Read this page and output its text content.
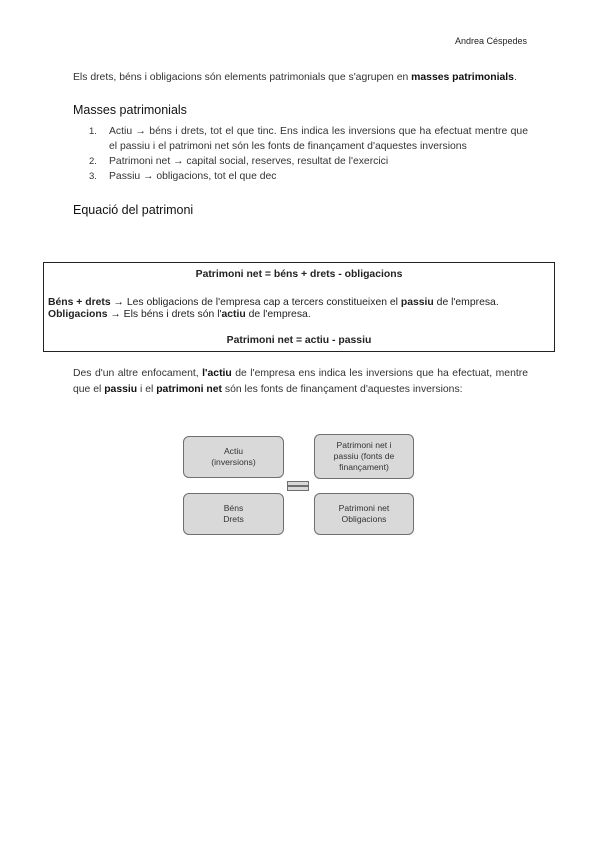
Andrea Céspedes

Els drets, béns i obligacions són elements patrimonials que s'agrupen en masses patrimonials.

Masses patrimonials
1.	Actiu → béns i drets, tot el que tinc. Ens indica les inversions que ha efectuat mentre que el passiu i el patrimoni net són les fonts de finançament d'aquestes inversions
2.	Patrimoni net → capital social, reserves, resultat de l'exercici
3.	Passiu → obligacions, tot el que dec
Equació del patrimoni
Patrimoni net = béns + drets - obligacions
Béns + drets → Les obligacions de l'empresa cap a tercers constitueixen el passiu de l'empresa.
Obligacions → Els béns i drets són l'actiu de l'empresa.
Patrimoni net = actiu - passiu

Des d'un altre enfocament, l'actiu de l'empresa ens indica les inversions que ha efectuat, mentre que el passiu i el patrimoni net són les fonts de finançament d'aquestes inversions:

Actiu
(inversions)
Patrimoni net i
passiu (fonts de
finançament)
Béns
Drets
Patrimoni net
Obligacions
